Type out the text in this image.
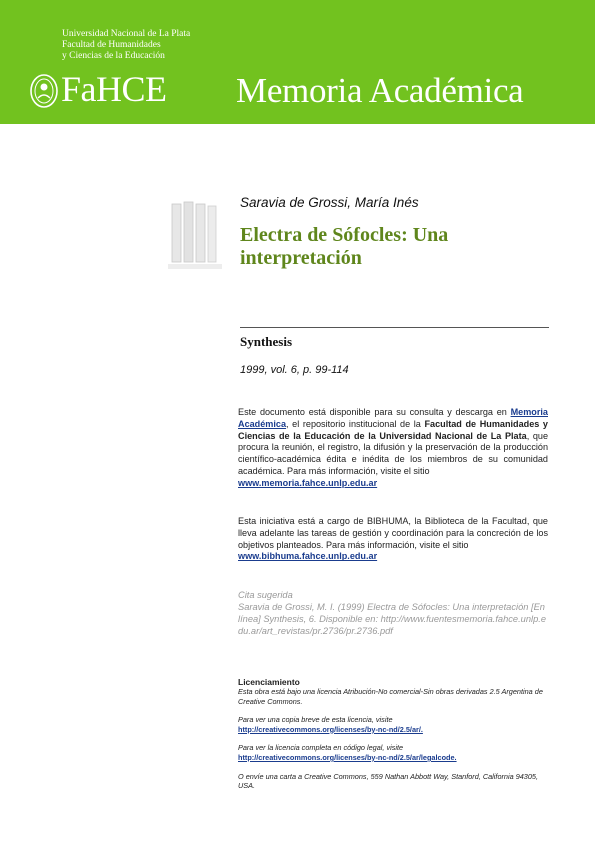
Universidad Nacional de La Plata
Facultad de Humanidades
y Ciencias de la Educación
FaHCE Memoria Académica
Saravia de Grossi, María Inés
Electra de Sófocles: Una interpretación
Synthesis
1999, vol. 6, p. 99-114
Este documento está disponible para su consulta y descarga en Memoria Académica, el repositorio institucional de la Facultad de Humanidades y Ciencias de la Educación de la Universidad Nacional de La Plata, que procura la reunión, el registro, la difusión y la preservación de la producción científico-académica édita e inédita de los miembros de su comunidad académica. Para más información, visite el sitio
www.memoria.fahce.unlp.edu.ar
Esta iniciativa está a cargo de BIBHUMA, la Biblioteca de la Facultad, que lleva adelante las tareas de gestión y coordinación para la concreción de los objetivos planteados. Para más información, visite el sitio
www.bibhuma.fahce.unlp.edu.ar
Cita sugerida
Saravia de Grossi, M. I. (1999) Electra de Sófocles: Una interpretación [En línea] Synthesis, 6. Disponible en: http://www.fuentesmemoria.fahce.unlp.edu.ar/art_revistas/pr.2736/pr.2736.pdf
Licenciamiento
Esta obra está bajo una licencia Atribución-No comercial-Sin obras derivadas 2.5 Argentina de Creative Commons.
Para ver una copia breve de esta licencia, visite
http://creativecommons.org/licenses/by-nc-nd/2.5/ar/.
Para ver la licencia completa en código legal, visite
http://creativecommons.org/licenses/by-nc-nd/2.5/ar/legalcode.
O envíe una carta a Creative Commons, 559 Nathan Abbott Way, Stanford, California 94305, USA.
